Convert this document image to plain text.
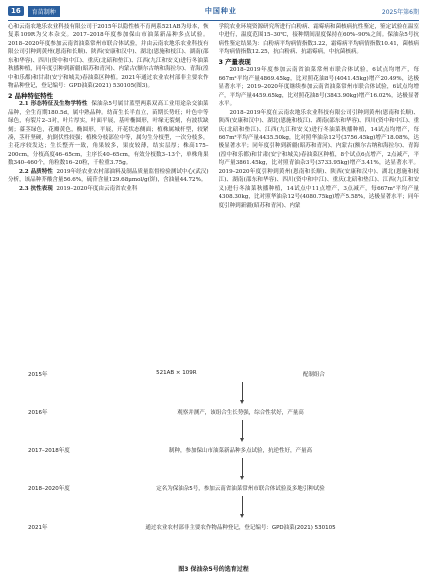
16	育苗制种	中国种业	2025年第6期

心和云南农地乐农业科技有限公司于2015年以隐性核不育两系521AB为母本，恢复系109R为父本杂交。2017–2018年度参加保山市油菜新品种多点试验。2018–2020年度参加云南省油菜常州市联合体试验，并由云南农地乐农业科技有限公司引种到黄州(恩南和长顺)、陕西(安康和汉中)、湖北(恩施和枝江)、湖南(邵东和华容)、四川(资中和中江)、重庆(北碚和垫江)、江西(九江和安义)进行冬油菜秋播种植，同年度引种到新疆(昭苏和青河)、内蒙古(额尔古纳和海拉尔)、青海(湟中和乐都)和甘肃(安宁和城关)春油菜区种植。2021年通过农业农村部非主要农作物品种登记，登记编号：GPD油菜(2021) 530105(图3)。

2 品种特征特性

2.1 形态特征及生物学特性 保油杂5号属甘蓝型两系双高工业用途杂交油菜品种，全生育期180.5d，属中熟品种。幼苗生长半直立，苗期长势旺；叶色中等绿色，有裂片2–3对，叶片厚实，叶面平展，基叶椭圆形，叶缘无裂刻，有波状缺刻；薹茎绿色，花瓣黄色，椭圆形，平展，开花状态侧面；植株属城杆型，较紧凑，茎秆坚硬，抗倒伏性较强；植株分枝部位中等，属匀生分枝型，一次分枝多，主花序较发达；生长整齐一致，角果较多，果皮较薄，结实层厚；株高175–200cm，分枝高度46–65cm，主序长40–65cm，有效分枝数3–13个，单株角果数340–460个，角粒数16–20粒，千粒重3.75g。

2.2 品质特性 2019年经农业农村部油料及制品质量监督检验测试中心(武汉)分析，该品种芥酸含量56.6%，硫苷含量129.68μmol/g(饼)，含油量44.72%。

2.3 抗性表现 2019–2020年度由云南省农业科

学院农业环境资源研究所进行白粉病、霜霉病和菌核病抗性鉴定，鉴定试验在温室中进行，温度范围15–30℃，接种期间湿度保持在60%–90%之间。保油杂5号抗病性鉴定结果为：白粉病平均病情指数3.22，霜霉病平均病情指数10.41，菌核病平均病情指数12.25，抗白粉病、抗霜霉病，中抗菌核病。

3 产量表现

2018–2019年度参加云南省油菜常州市联合体试验，6试点均增产，每667m²平均产量4869.45kg，比对照花油8号(4041.45kg)增产20.49%，达极显著水平；2019–2020年度继续参加云南省油菜常州市联合体试验，6试点均增产，平均产量4459.65kg，比对照花油8号(3843.90kg)增产16.02%，达极显著水平。

2018–2019年度在云南农地乐农业科技有限公司引种到黄州(恩南和长顺)、陕西(安康和汉中)、湖北(恩施和枝江)、湖南(邵东和华容)、四川(资中和中江)、重庆(北碚和垫江)、江西(九江和安义)进行冬油菜秋播种植，14试点均增产，每667m²平均产量4435.50kg，比对照华油杂12号(3756.45kg)增产18.08%，达极显著水平；同年度引种到新疆(昭苏和青河)、内蒙古(额尔古纳和海拉尔)、青海(湟中和乐都)和甘肃(安宁和城关)春油菜区种植，8个试点6点增产，2点减产，平均产量3861.45kg，比对照青油杂3号(3733.95kg)增产3.41%，达显著水平。2019–2020年度引种到黄州(恩南和长顺)、陕西(安康和汉中)、湖北(恩施和枝江)、湖南(邵东和华容)、四川(资中和中江)、重庆(北碚和垫江)、江西(九江和安义)进行冬油菜秋播种植，14试点中11点增产，3点减产，每667m²平均产量4308.30kg，比对照华油杂12号(4080.75kg)增产5.58%，达极显著水平；同年度引种到新疆(昭苏和青河)、内蒙

2015年	521AB × 109R	配制组合
2016年	观察并测产，该组合生长势强，综合性状好，产量高
2017–2018年度	制种，参加保山市油菜新品种多点试验，抗逆性好，产量高
2018–2020年度	定名为保油杂5号，参加云南省油菜常州市联合体试验及多地引种试验
2021年	通过农业农村部非主要农作物品种登记，登记编号：GPD油菜(2021) 530105
图3 保油杂5号的选育过程
